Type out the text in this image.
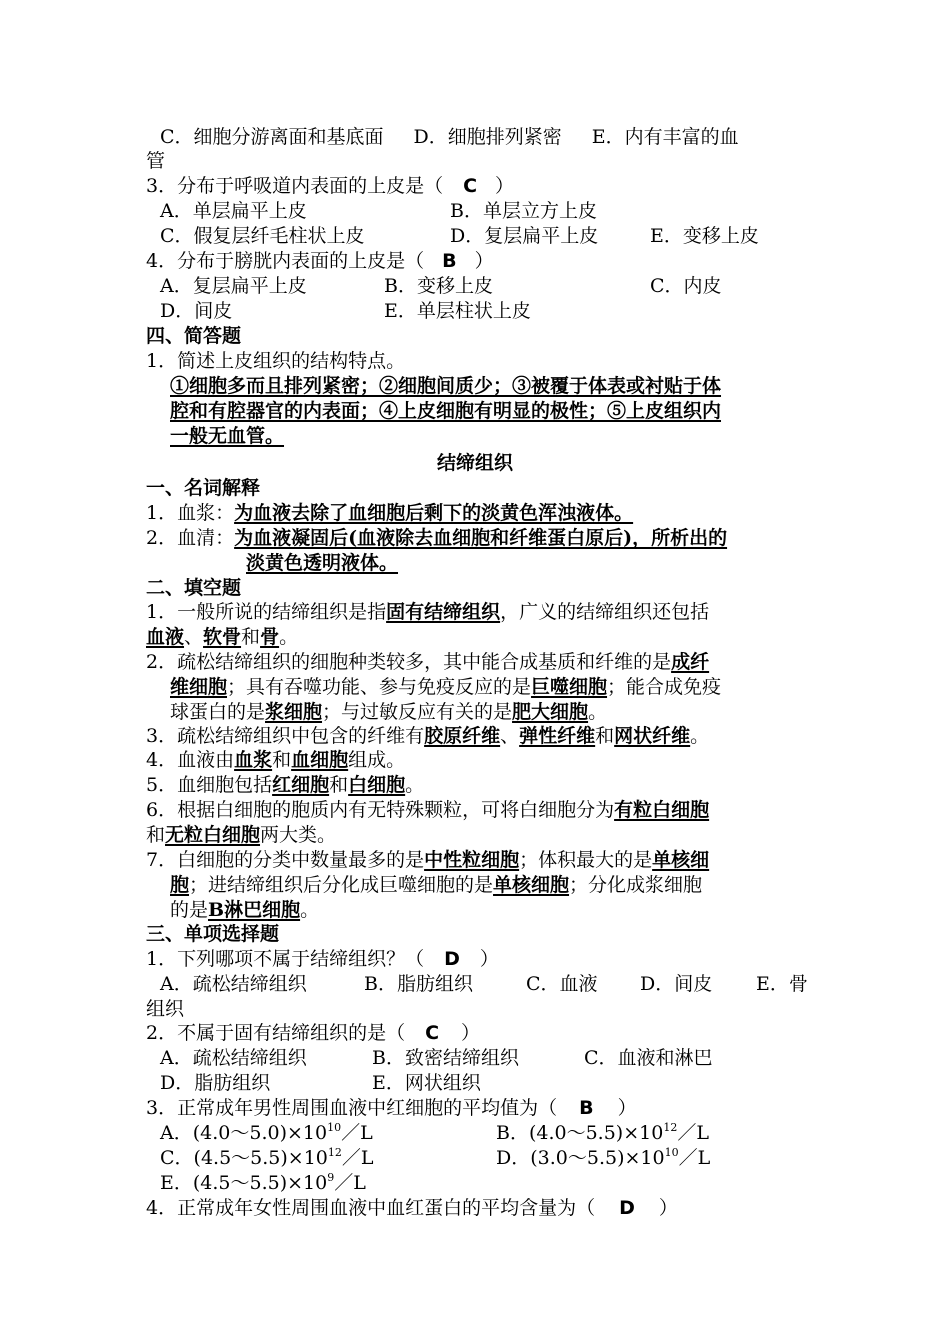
C．细胞分游离面和基底面 D．细胞排列紧密 E．内有丰富的血
管
3．分布于呼吸道内表面的上皮是（ C ）
A．单层扁平上皮	B．单层立方上皮
C．假复层纤毛柱状上皮	D．复层扁平上皮	E．变移上皮
4．分布于膀胱内表面的上皮是（ B ）
A．复层扁平上皮	B．变移上皮	C．内皮
D．间皮	E．单层柱状上皮
四、简答题
1．简述上皮组织的结构特点。
①细胞多而且排列紧密；②细胞间质少；③被覆于体表或衬贴于体
腔和有腔器官的内表面；④上皮细胞有明显的极性；⑤上皮组织内
一般无血管。
结缔组织
一、名词解释
1．血浆：为血液去除了血细胞后剩下的淡黄色浑浊液体。
2．血清：为血液凝固后(血液除去血细胞和纤维蛋白原后)，所析出的
淡黄色透明液体。
二、填空题
1．一般所说的结缔组织是指固有结缔组织，广义的结缔组织还包括
血液、软骨和骨。
2．疏松结缔组织的细胞种类较多，其中能合成基质和纤维的是成纤
维细胞；具有吞噬功能、参与免疫反应的是巨噬细胞；能合成免疫
球蛋白的是浆细胞；与过敏反应有关的是肥大细胞。
3．疏松结缔组织中包含的纤维有胶原纤维、弹性纤维和网状纤维。
4．血液由血浆和血细胞组成。
5．血细胞包括红细胞和白细胞。
6．根据白细胞的胞质内有无特殊颗粒，可将白细胞分为有粒白细胞
和无粒白细胞两大类。
7．白细胞的分类中数量最多的是中性粒细胞；体积最大的是单核细
胞；进结缔组织后分化成巨噬细胞的是单核细胞；分化成浆细胞
的是B淋巴细胞。
三、单项选择题
1．下列哪项不属于结缔组织？（ D ）
A．疏松结缔组织	B．脂肪组织	C．血液 D．间皮 E．骨
组织
2．不属于固有结缔组织的是（ C ）
A．疏松结缔组织	B．致密结缔组织	C．血液和淋巴
D．脂肪组织	E．网状组织
3．正常成年男性周围血液中红细胞的平均值为（ B ）
A．$(4.0\sim 5.0)\times 10^{10}/L$	B．$(4.0\sim 5.5)\times 10^{12}/L$
C．$(4.5\sim 5.5)\times 10^{12}/L$	D．$(3.0\sim 5.5)\times 10^{10}/L$
E．$(4.5\sim 5.5)\times 10^9/L$
4．正常成年女性周围血液中血红蛋白的平均含量为（ D ）
